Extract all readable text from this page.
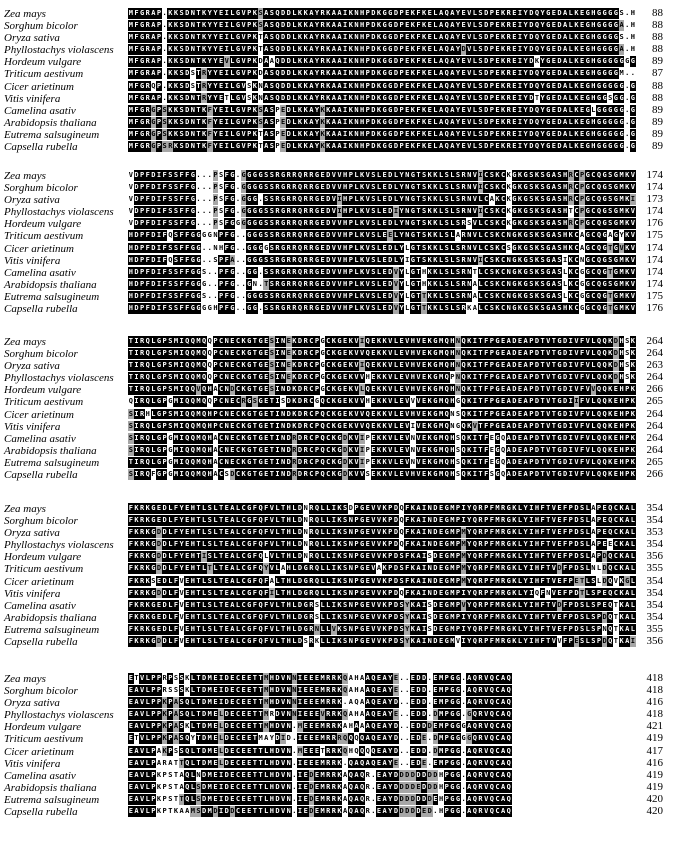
Zea mays	M F G R A P . K K S D N T K Y Y E I L G V P K S A S Q D D L K K A Y R K A A I K N H P D K G G D P E K F K E L A Q A Y E V L S D P E K R E I Y D Q Y G E D A L K E G H G G G G S . H	88
Sorghum bicolor	M F G R A P . K K S D N T K Y Y E I L G V P K S A S Q D D L K K A Y R K A A I K N H P D K G G D P E K F K E L A Q A Y E V L S D P E K R E I Y D Q Y G E D A L K E G H G G G G A . H	88
Oryza sativa	M F G R A P . K K S D N T K Y Y E I L G V P K T A S Q D D L K K A Y R K A A I K N H P D K G G D P E K F K E L A Q A Y E V L S D P E K R E I Y D Q Y G E D A L K E G H G G G G S . H	88
Phyllostachys violascens M F G R A P . K K S D N T K Y Y E I L G V P K T A S Q D D L K K A Y R K A A I K N H P D K G G D P E K F K E L A Q A Y D V L S D P E K R E I Y D Q Y G E D A L K E G H G G G G A . H	88
Hordeum vulgare	M F G R A P . K K S D N T K Y Y E V L G V P K D A A Q D D L K K A Y R K A A I K N H P D K G G D P E K F K E L A Q A Y E V L S D P E K R E I Y D K Y G E D A L K E G H G G G G G G G	89
Triticum aestivum	M F G R A P . K K S D S T R Y Y E I L G V P K D A S Q D D L K K A Y R K A A I K N H P D K G G D P E K F K E L A Q A Y E V L S D P E K R E I Y D Q Y G E D A L K E G H G G G G M . .	87
Cicer arietinum	M F G R Q P . K K S D S T R Y Y E I L G V S K N A S Q D D L K K A Y R K A A I K N H P D K G G D P E K F K E L A Q A Y E V L S D P E K R E I Y D Q Y G E D A L K E G H G G G G G . G	88
Vitis vinifera	M F G R A P . K K S D N T R Y Y E T L G V S K N A S Q D D L K K A Y R K A A I K N H P D K G G D P E K F K E L A Q A Y E V L S D P E K R E I Y D T Y G E D A L K E G H G G S G G . G	88
Camelina asativ	M F G R G P S K K S D N T K F Y E I L G V P K S A S P E D L K K A Y K K A A I K N H P D K G G D P E K F K E L A Q A Y E V L S D P E K R E I Y D Q Y G E D A L K E G L G G G G G . G	89
Arabidopsis thaliana	M F G R G P S K K S D N T K F Y E I L G V P K S A S P E D L K K A Y K K A A I K N H P D K G G D P E K F K E L A Q A Y E V L S D P E K R E I Y D Q Y G E D A L K E G H G G G G G . G	89
Eutrema salsugineum	M F G R G P S K K S D N T K F Y E I L G V P K T A S P E D L K K A Y K K A A I K N H P D K G G D P E K F K E L A Q A Y E V L S D P E K R E I Y D Q Y G E D A L K E G H G G G G G . G	89
Capsella rubella	M F G R G P S R K S D N T K F Y E I L G V P K T A S P E D L K K A Y K K A A I K N H P D K G G D P E K F K E L A Q A Y E V L S D P E K R E I Y D Q Y G E D A L K E G H G G G G G . G	89
Zea mays	V D P F D I F S S F F G . . . P S F G . G G G G S S R G R R Q R R G E D V V H P L K V S L E D L Y N G T S K K L S L S R N V I C S K C K G K G S K S G A S H R C P G C Q G S G M K V	174
Sorghum bicolor	V D P F D I F S S F F G . . . P S F G . G G G G S S R G R R Q R R G E D V V H P L K V S L E D L Y N G T S K K L S L S R N V I C S K C K G K G S K S G A S H R C P G C Q G S G M K V	174
Oryza sativa	V D P F D I F S S F F G . . . P S F G . G G G . S S R G R R Q R R G E D V I H P L K V S L E D L Y N G T S K K L S L S R N V L C A K C K G K G S K S G A S H R C P G C Q G S G M K I	173
Phyllostachys violascens V D P F D I F S S F F G . . . P S F G . G G G G S S R G R R Q R R G E D V I H P L K V S L E D I Y N G T S K K L S L S R N V I C S K C K G K G S K S G A S H T C P G C Q G S G M K V	174
Hordeum vulgare	V D P F D I F S S F F G . . . P S F G G G G G G S S R G R R Q R R G E D V V H P L K V S L E D L Y N G T S K K L S L S R S V L C S K C K G K G S K S G A S H R C P G C Q G S G M K V	176
Triticum aestivum	H D P F D I F Q S F F G G G G N P F G . . G G G S S R G R R Q R R G E D V V H P L K V S L E E L Y N G T S K K L S L A R N V L C S K C N G K G S K S G A S H K C A G C Q G A G Y K V	175
Cicer arietinum	H D P F D I F S S F F G G . . N H F G . . G G G G S R G R R Q R R G E D V V H P L K V S L E D L Y L G T S K K L S L S R N V L C S K C S G K G S K S G A S H K C A G C Q G T G V K V	174
Vitis vinifera	H D P F D I F Q S F F G G . . S P F A . . G G G S S R G R R Q R R G E D V V H P L K V S L E D L Y I G T S K K L S L S R N V I C S K C N G K G S K S G A S I K C N G C Q G S G M K V	174
Camelina asativ	H D P F D I F S S F F G G S . . P F G . . G G . S S R G R R Q R R G E D V V H P L K V S L E D V Y L G T H K K L S L S R N T L C S K C N G K G S K S G A S L K C G G C Q G T G M K V	174
Arabidopsis thaliana	H D P F D I F S S F F G G G . . P F G . . G N . T S R G R R Q R R G E D V V H P L K V S L E D V Y L G T H K K L S L S R N A L C S K C N G K G S K S G A S L K C G G C Q G S G M K V	174
Eutrema salsugineum	H D P F D I F S S F F G G S . . P F G . . G G G S S R G R R Q R R G E D V V H P L K V S L E D V Y L G T T K K L S L S R N A L C S K C N G K G S K S G A S L K C G G C Q G T G M K V	175
Capsella rubella	H D P F D I F S S F F G G G G H P F G . . G G . S S R G R R Q R R G E D V V H P L K V S L E D V Y L G T T K K L S L S R K A L C S K C N G K G S K S G A S H K C G G C Q G T G M K V	176
Zea mays	T I R Q L G P S M I Q Q M Q Q P C N E C K G T G E S I N E K D R C P G C K G E K V I Q E K K V L E V H V E K G M Q H N Q K I T F P G E A D E A P D T V T G D I V F V L Q Q K D H S K	264
Sorghum bicolor	T I R Q L G P S M I Q Q M Q Q P C N E C K G T G E S I N E K D R C P G C K G E K V V Q E K K V L E V H V E K G M Q H N Q K I T F P G E A D E A P D T V T G D I V F V L Q Q K D H S K	264
Oryza sativa	T I R Q L G P S M I Q Q M Q Q P C N E C K G T G E S I N E K D R C P G C K G E K V I Q E K K V L E V H V E K G M Q H N Q K I T F P G E A D E A P D T V T G D I V F V L Q Q K D H S K	263
Phyllostachys violascens T I R Q L G P S M I Q Q M Q Q P C N E C K G T G E S I N E K D R C P G C K G E K V V H E K K V L E V H V E K G M Q P N Q K I T F P G E A D E A P D T V T G D I V F V L Q Q K D H S K	264
Hordeum vulgare	T I R Q L G P S M I Q Q V Q H A C N D C K G T G E S I N D K D R C P G C K G E K V L Q E K K V L E V H V E K G M Q H N Q K I T F P G E A D E A P D T V T G D I V F V V Q Q K E H P K	266
Triticum aestivum	Q I R Q L G P G M I Q Q M Q Q P C N E C R G S G E T I S D K D R C G Q C K G E K V V H E K K V L E V V V E K G M Q H G Q K I T F P G E A D E A P D T V T G D I I F V L Q Q K E H P K	265
Cicer arietinum	S I R H L G P S M I Q Q M Q H P C N E C K G T G E T I N D K D R C P Q C K G E K V V Q E K K V L E V H V E K G M Q N S Q K I T F P G E A D E A P D T V T G D I V F V L Q Q K E H P K	264
Vitis vinifera	S I R Q L G P S M I Q Q M Q H P C N E C K G T G E T I N D K D R C P Q C K G E K V V Q E K K V L E V I V E K G M Q N G Q K V T F P G E A D E A P D T V T G D I V F V L Q Q K E H P K	264
Camelina asativ	S I R Q L G P G M I Q Q M Q H A C N E C K G T G E T I N D R D R C P Q C K G D K V I P E K K V L E V N V E K G M Q H S Q K I T F E G Q A D E A P D T V T G D I V F V L Q Q K E H P K	264
Arabidopsis thaliana	S I R Q L G P G M I Q Q M Q H A C N E C K G T G E T I N D R D R C P Q C K G D K V I P E K K V L E V N V E K G M Q H S Q K I T F E G Q A D E A P D T V T G D I V F V L Q Q K E H P K	264
Eutrema salsugineum	T I R Q L G P G M I Q Q M Q H A C N E C K G T G E T I N D R D R C P Q C K G D K V I P E K K V L E V N V E K G M Q H S Q K I T F E G Q A D E A P D T V T G D I V F V L Q Q K E H P K	265
Capsella rubella	S I R Q F G P G M I Q Q M Q H A C S D C K G T G E T I N D R D R C P Q C K G D K V V S E K K V L E V H V E K G M Q H S Q K I T F S G Q A D E A P D T V T G D I V F V L Q Q K E H P K	266
Zea mays	F K R K G E D L F Y E H T L S L T E A L C G F Q F V L T H L D N R Q L L I K S D P G E V V K P D Q F K A I N D E G M P I Y Q R P F M R G K L Y I H F T V E F P D S L A P E Q C K A L	354
Sorghum bicolor	F K R K G E D L F Y E H T L S L T E A L C G F Q F V L T H L D N R Q L L I K S N P G E V V K P D Q F K A I N D E G M P I Y Q R P F M R G K L Y I H F T V E F P D S L A P E Q C K A L	354
Oryza sativa	F K R K G D D L F Y E H T L S L T E A L C G F Q F V L T H L D N R Q L L I K S N P G E V V K P D Q F K A I N D E G M P M Y Q R P F M R G K L Y I H F T V E F P D S L A P E Q C K A L	353
Phyllostachys violascens F K R K G D D L F Y E H T L S L T E A L C G F Q F V L T H L D N R Q L L I K S N P G E V V K P D Q F K A I N D E G M P M Y Q R P F M R G K L Y I H F T V E F P D S L A P E E C K A L	354
Hordeum vulgare	F K R K G D D L F Y E H T I S L T E A L C G F Q L V L T H L D N R Q L L I K S N P G E V V K P D S F K A I S D E G M P M Y Q R P F M R G K L Y I H F T V E F P D S L A P D Q C K A L	356
Triticum aestivum	F K R K G D D L F Y E H T L T L T E A L C G F Q Y V L A H L D G R Q L L I K S N P G E V A K P D S F K A I N D E G M P M Y Q R P F M R G K L Y I H F T V D F P D S L N L D Q C K A L	355
Cicer arietinum	F K R K S E D L F V E H T L S L T E A L C G F Q F A L T H L D G R Q L L I K S N P G E V V K P D S F K A I N D E G M P M Y Q R P F M R G K L Y I H F T V E F P E T L S L D Q V K G L	354
Vitis vinifera	F K R K G D D L F V E H T L S L T E A L C G F Q F I L T H L D G R Q L L I K S N P G E V V K P D Q F K A I N D E G M P I Y Q R P F M R G K L Y I Q F N V E F P D T L S P E Q C K A L	354
Camelina asativ	F K R K G E D L F V E H T L S L T E A L C G F Q F V L T H L D G R S L L I K S N P G E V V K P D S Y K A I S D E G M P V Y Q R P F M R G K L Y I H F T V D F P D S L S P E Q T K A L	354
Arabidopsis thaliana	F K R K G E D L F V E H T L S L T E A L C G F Q F V L T H L D G R S L L I K S N P G E V V K P D S Y K A I S D E G M P I Y Q R P F M R G K L Y I H F T V E F P D S L S P D Q T K A L	354
Eutrema salsugineum	F K R K G E D L F V E H T L S L T E A L C G F Q F V L T H L D G R N L L V K S N P G E V V K P D S Y K A I S D E G M P I Y Q R P F M R G K L Y I H F T V E F P D S L S P N Q T K A L	355
Capsella rubella	F K R K G D D L F V E H T L S L T E A L C G F Q F V L T H L D S R K L L I K S N P G E V V K P D S Y K A I N D E G M V I Y Q R P F M R G K L Y I H F T V V F P E S L S P D Q T K A I	356
Zea mays	E T V L P P R P S S K L T D M E I D E C E E T T M H D V N N I E E E M R R K Q A H A A Q E A Y E . . E D D . E M P G G . A Q R V Q C A Q	418
Sorghum bicolor	E A V L P P R S S S K L T D M E I D E C E E T T M H D V N N I E E E M R R K Q A H A A Q E A Y E . . E D D . E M P G G . A Q R V Q C A Q	418
Oryza sativa	E A V L P P K P A S Q L T D M E I D E C E E T T M H D V N N I E E E M R R K . A Q A A Q E A Y D . . E D D . E M P G G . A Q R V Q C A Q	416
Phyllostachys violascens E A V L P P K P A S Q L T D M E L D E C E E T T M R D V N N I E E E V R R K Q A H A A Q E A Y E . . E D D . D M P G G . G Q R V Q C A Q	418
Hordeum vulgare	E A V L P P K P A S K L T D M E L D E C E E T T M H D V N . M E E E M R R K A H A A A Q E A Y D . . E D D D E M P G G G A Q R V Q C A Q	421
Triticum aestivum	E T V L P P K P A S Q Y T D M E L D E C E E T M A Y D I D . I E E E M R R R Q Q Q Q A Q E A Y D . . E D E . D M P G G G G Q R V Q C A Q	419
Cicer arietinum	E A V L P A K P S S Q L T D M E L D E C E E T T L H D V N . M E E E T R R K Q H Q Q Q Q E A Y D . . E D D . D M P G G . A Q R V Q C A Q	417
Vitis vinifera	E A V L P A R A T T Q L T D M E L D E C E E T T L H D V N . I E E E M R R K . Q A Q A Q E A Y E . . E D E . E M P G G . A Q R V Q C A Q	416
Camelina asativ	E A V L P K P S T A Q L N D M E I D E C E E T T L H D V N . I E D E M R R K A Q A Q R . E A Y D D D D D D D D H P G G . A Q R V Q C A Q	419
Arabidopsis thaliana	E A V L P K P S T A Q L S D M E I D E C E E T T L H D V N . I E D E M R R K A Q A Q R . E A Y D D D D E D D D H P G G . A Q R V Q C A Q	419
Eutrema salsugineum	E A V L P K P S T T Q L S D M E I D E C E E T T L H D V N . I E D E M R R K A Q A Q R . E A Y D D D D D D D E H P G G . A Q R V Q C A Q	420
Capsella rubella	E A V L P K P T K A A M S D M D I D D C E E T T L H D V N . I E D E M R R K A Q A Q R . E A Y D D D D D E D . H P G G . A Q R V Q C A Q	420
